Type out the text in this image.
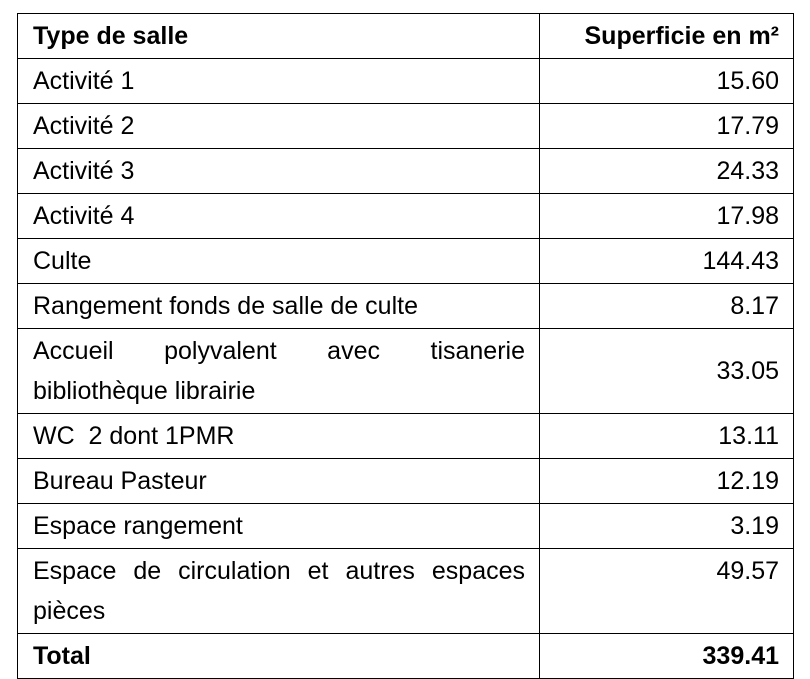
Type de salle	Superficie en m²
Activité 1	15.60
Activité 2	17.79
Activité 3	24.33
Activité 4	17.98
Culte	144.43
Rangement fonds de salle de culte	8.17
Accueil polyvalent avec tisanerie bibliothèque librairie	33.05
WC  2 dont 1PMR	13.11
Bureau Pasteur	12.19
Espace rangement	3.19
Espace de circulation et autres espaces pièces	49.57
Total	339.41
